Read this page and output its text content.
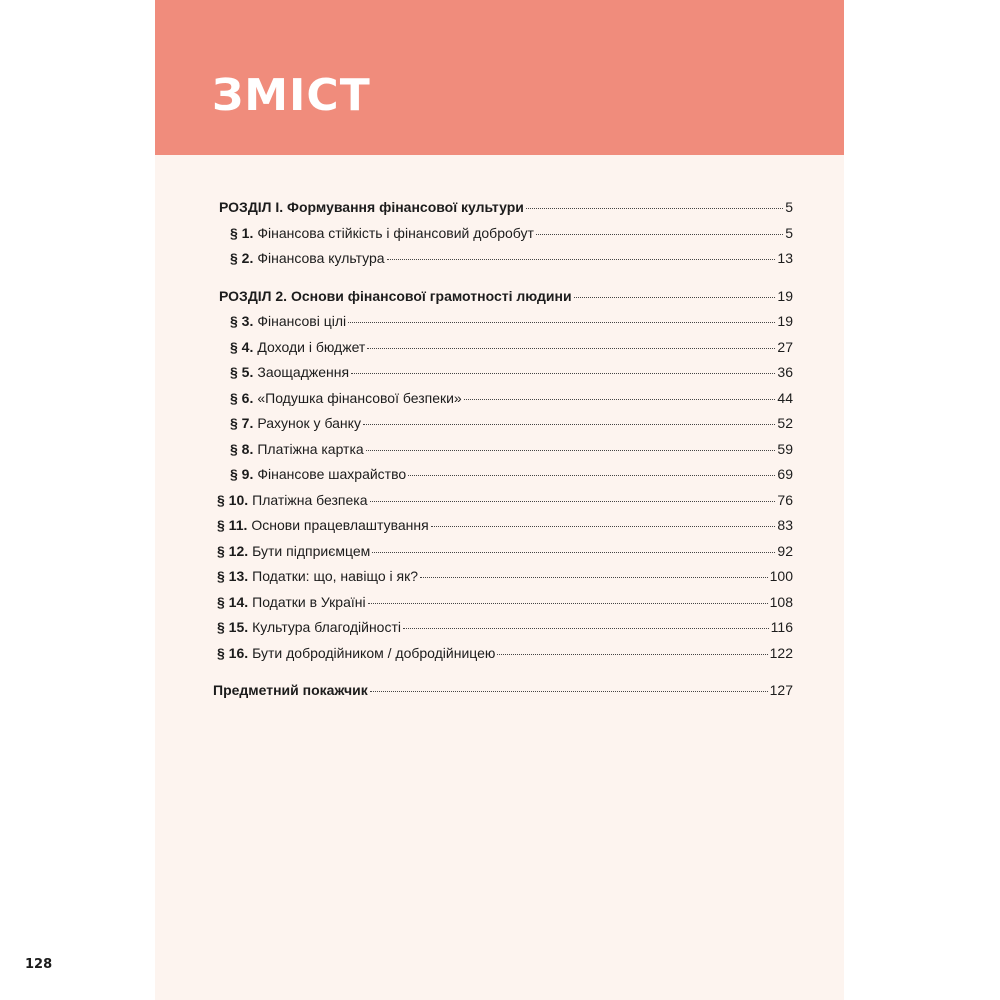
ЗМІСТ
РОЗДІЛ І. Формування фінансової культури	5
§ 1. Фінансова стійкість і фінансовий добробут	5
§ 2. Фінансова культура	13
РОЗДІЛ 2. Основи фінансової грамотності людини	19
§ 3. Фінансові цілі	19
§ 4. Доходи і бюджет	27
§ 5. Заощадження	36
§ 6. «Подушка фінансової безпеки»	44
§ 7. Рахунок у банку	52
§ 8. Платіжна картка	59
§ 9. Фінансове шахрайство	69
§ 10. Платіжна безпека	76
§ 11. Основи працевлаштування	83
§ 12. Бути підприємцем	92
§ 13. Податки: що, навіщо і як?	100
§ 14. Податки в Україні	108
§ 15. Культура благодійності	116
§ 16. Бути добродійником / добродійницею	122
Предметний покажчик	127
128
